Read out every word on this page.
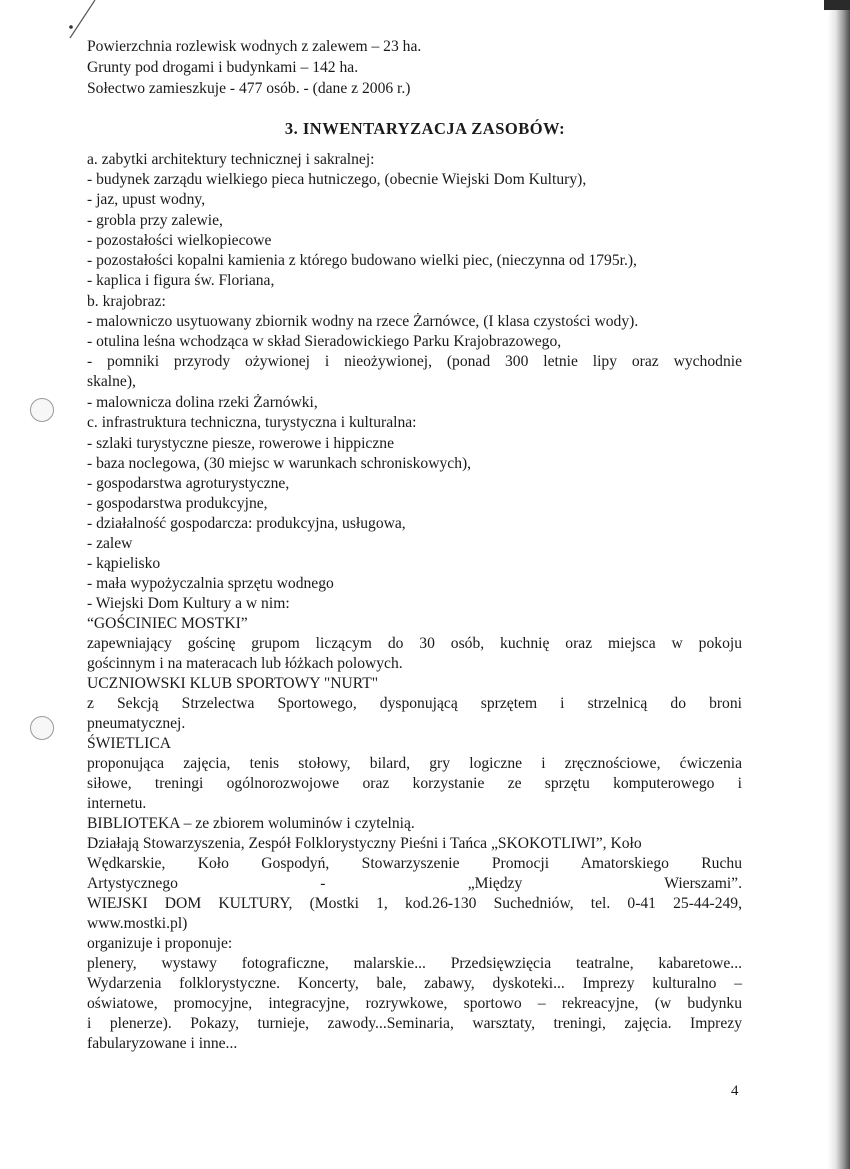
Powierzchnia rozlewisk wodnych z zalewem – 23 ha.
Grunty pod drogami i budynkami – 142 ha.
Sołectwo zamieszkuje - 477 osób. - (dane z 2006 r.)
3. INWENTARYZACJA ZASOBÓW:
a. zabytki architektury technicznej i sakralnej:
- budynek zarządu wielkiego pieca hutniczego, (obecnie Wiejski Dom Kultury),
- jaz, upust wodny,
- grobla przy zalewie,
- pozostałości wielkopiecowe
- pozostałości kopalni kamienia z którego budowano wielki piec, (nieczynna od 1795r.),
- kaplica i figura św. Floriana,
b. krajobraz:
- malowniczo usytuowany zbiornik wodny na rzece Żarnówce, (I klasa czystości wody).
- otulina leśna wchodząca w skład Sieradowickiego Parku Krajobrazowego,
- pomniki przyrody ożywionej i nieożywionej, (ponad 300 letnie lipy oraz wychodnie
skalne),
- malownicza dolina rzeki Żarnówki,
c. infrastruktura techniczna, turystyczna i kulturalna:
- szlaki turystyczne piesze, rowerowe i hippiczne
- baza noclegowa, (30 miejsc w warunkach schroniskowych),
- gospodarstwa agroturystyczne,
- gospodarstwa produkcyjne,
- działalność gospodarcza: produkcyjna, usługowa,
- zalew
- kąpielisko
- mała wypożyczalnia sprzętu wodnego
- Wiejski Dom Kultury a w nim:
“GOŚCINIEC MOSTKI”
zapewniający gościnę grupom liczącym do 30 osób, kuchnię oraz miejsca w pokoju
gościnnym i na materacach lub łóżkach polowych.
UCZNIOWSKI KLUB SPORTOWY "NURT"
z Sekcją Strzelectwa Sportowego, dysponującą sprzętem i strzelnicą do broni
pneumatycznej.
ŚWIETLICA
proponująca zajęcia, tenis stołowy, bilard, gry logiczne i zręcznościowe, ćwiczenia
siłowe, treningi ogólnorozwojowe oraz korzystanie ze sprzętu komputerowego i
internetu.
BIBLIOTEKA – ze zbiorem woluminów i czytelnią.
Działają Stowarzyszenia, Zespół Folklorystyczny Pieśni i Tańca „SKOKOTLIWI”, Koło
Wędkarskie, Koło Gospodyń, Stowarzyszenie Promocji Amatorskiego Ruchu
Artystycznego - „Między Wierszami”.
WIEJSKI DOM KULTURY, (Mostki 1, kod.26-130 Suchedniów, tel. 0-41 25-44-249,
www.mostki.pl)
organizuje i proponuje:
plenery, wystawy fotograficzne, malarskie... Przedsięwzięcia teatralne, kabaretowe...
Wydarzenia folklorystyczne. Koncerty, bale, zabawy, dyskoteki... Imprezy kulturalno –
oświatowe, promocyjne, integracyjne, rozrywkowe, sportowo – rekreacyjne, (w budynku
i plenerze). Pokazy, turnieje, zawody...Seminaria, warsztaty, treningi, zajęcia. Imprezy
fabularyzowane i inne...
4
